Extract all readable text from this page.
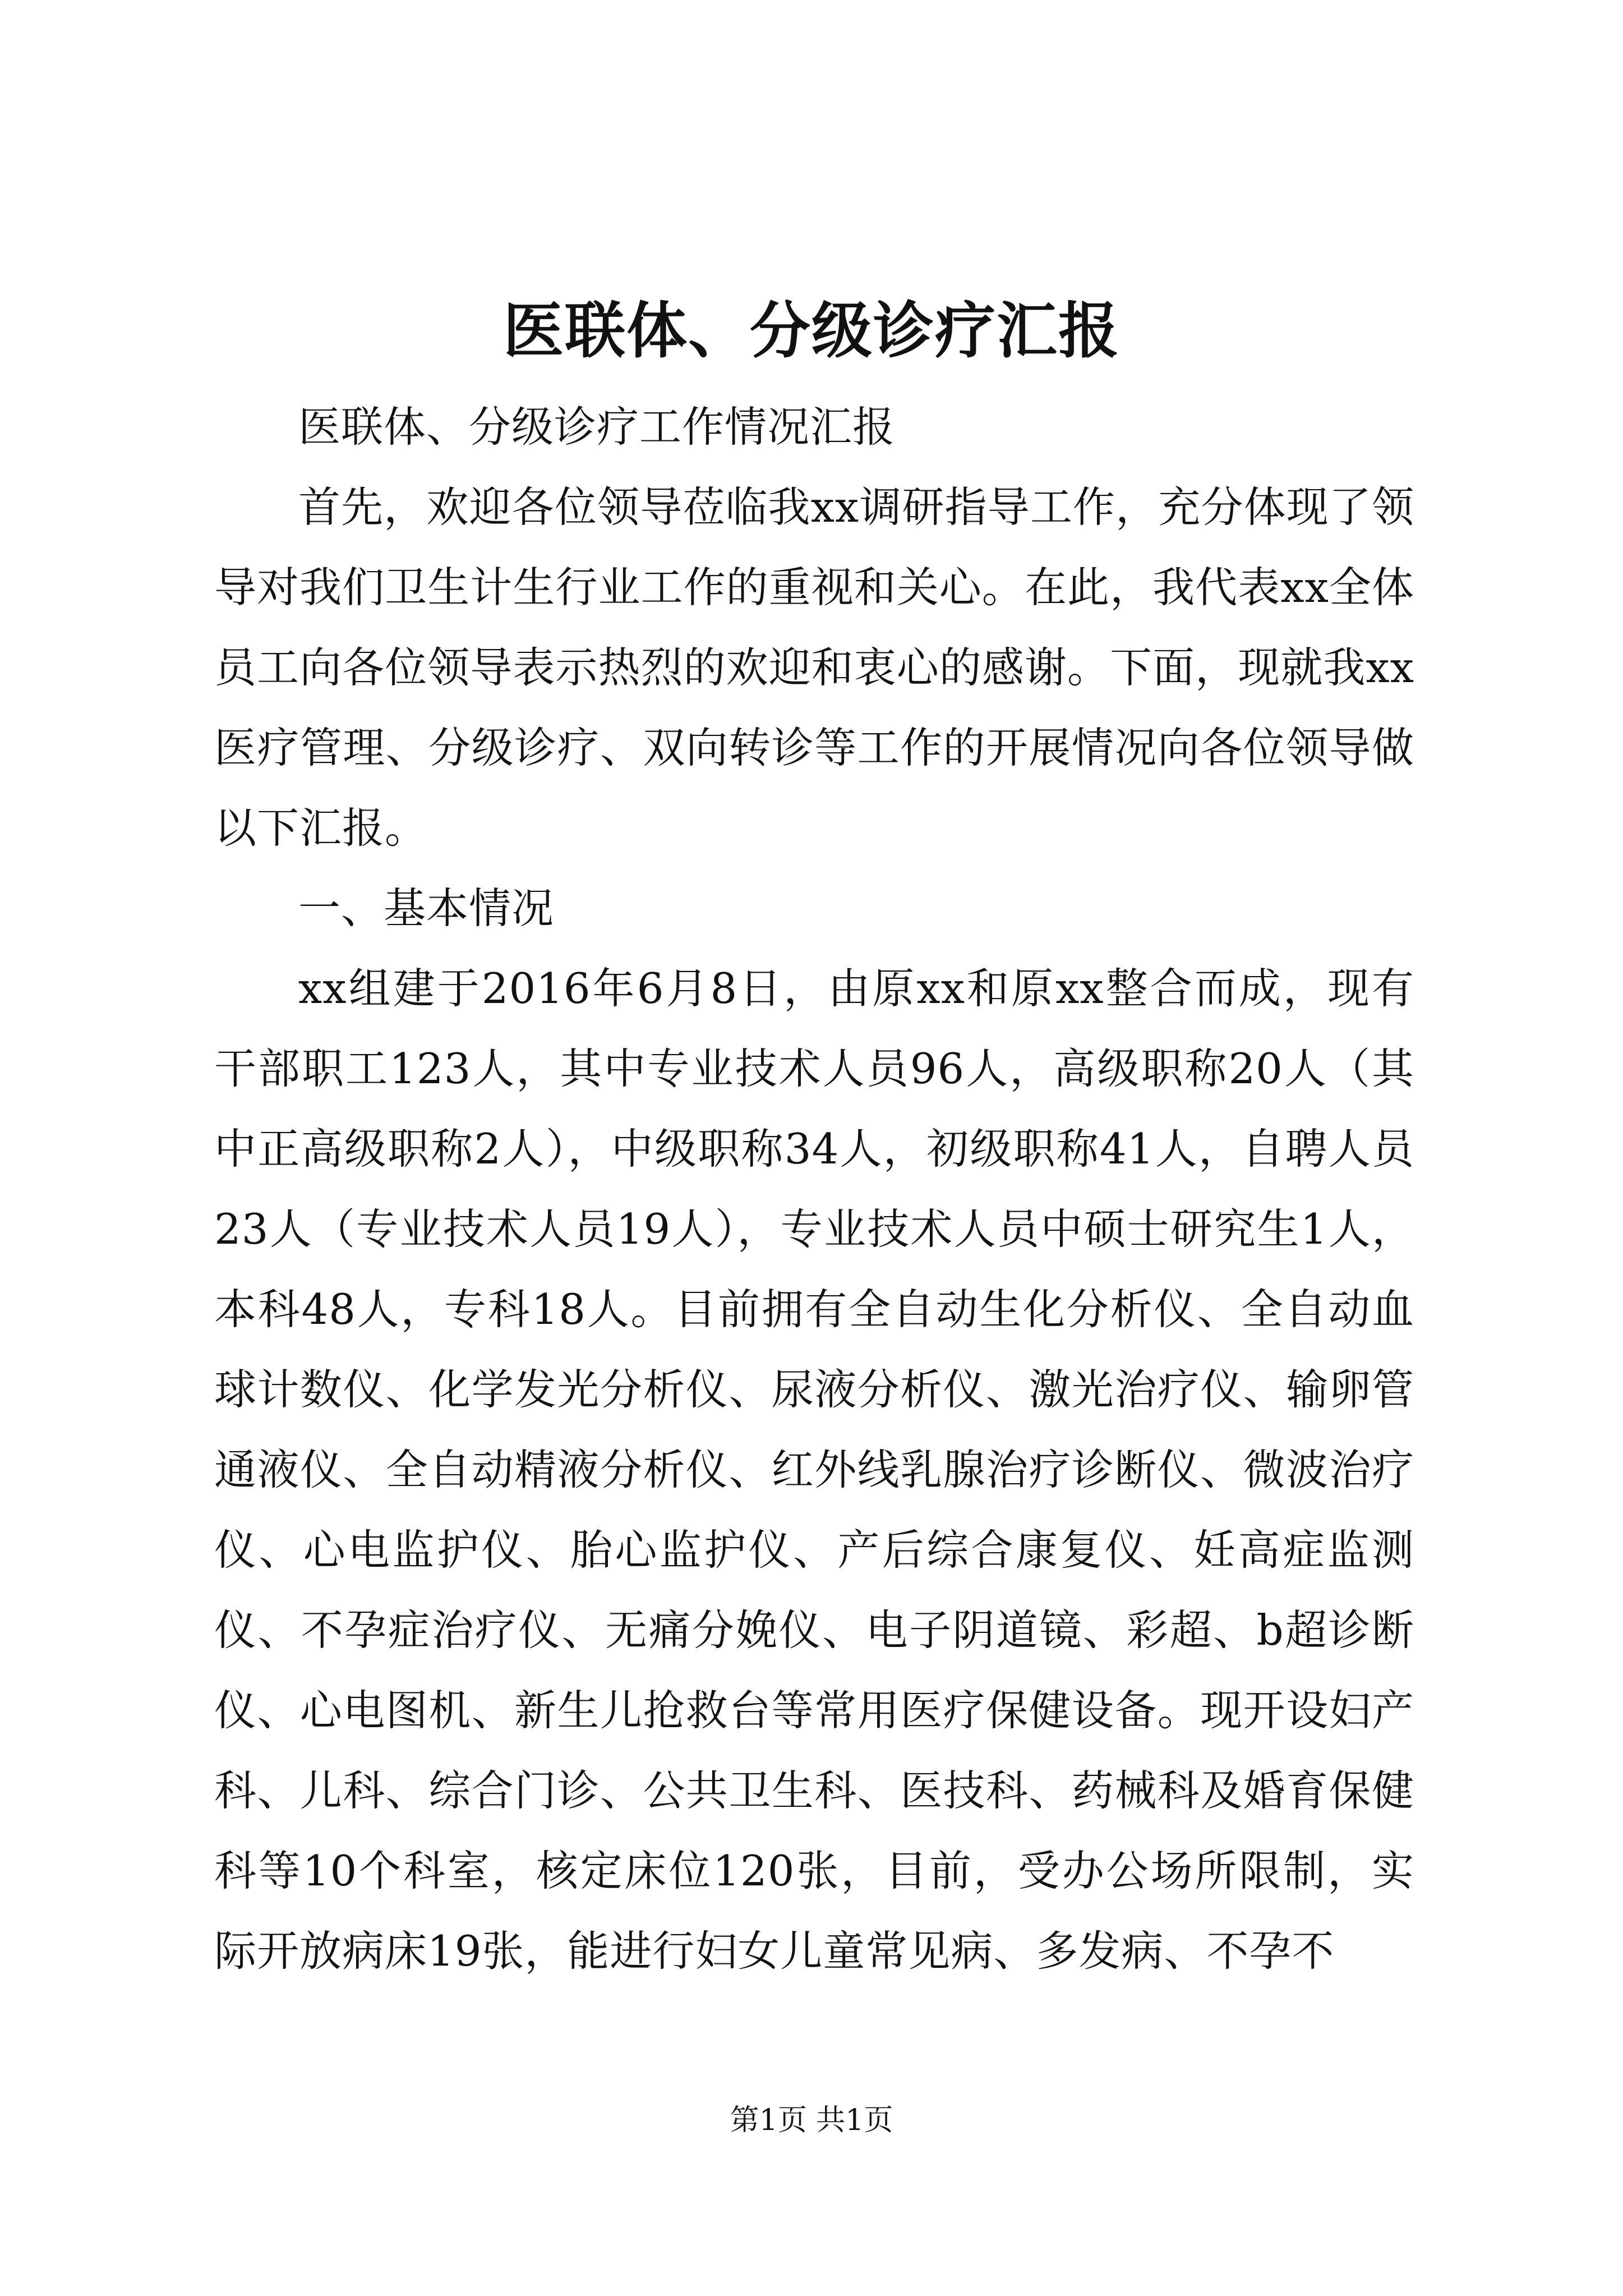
医联体、分级诊疗汇报

医联体、分级诊疗工作情况汇报

首先，欢迎各位领导莅临我xx调研指导工作，充分体现了领导对我们卫生计生行业工作的重视和关心。在此，我代表xx全体员工向各位领导表示热烈的欢迎和衷心的感谢。下面，现就我xx医疗管理、分级诊疗、双向转诊等工作的开展情况向各位领导做以下汇报。

一、基本情况

xx组建于2016年6月8日，由原xx和原xx整合而成，现有干部职工123人，其中专业技术人员96人，高级职称20人（其中正高级职称2人），中级职称34人，初级职称41人，自聘人员23人（专业技术人员19人），专业技术人员中硕士研究生1人，本科48人，专科18人。目前拥有全自动生化分析仪、全自动血球计数仪、化学发光分析仪、尿液分析仪、激光治疗仪、输卵管通液仪、全自动精液分析仪、红外线乳腺治疗诊断仪、微波治疗仪、心电监护仪、胎心监护仪、产后综合康复仪、妊高症监测仪、不孕症治疗仪、无痛分娩仪、电子阴道镜、彩超、b超诊断仪、心电图机、新生儿抢救台等常用医疗保健设备。现开设妇产科、儿科、综合门诊、公共卫生科、医技科、药械科及婚育保健科等10个科室，核定床位120张，目前，受办公场所限制，实际开放病床19张，能进行妇女儿童常见病、多发病、不孕不

第1页 共1页
